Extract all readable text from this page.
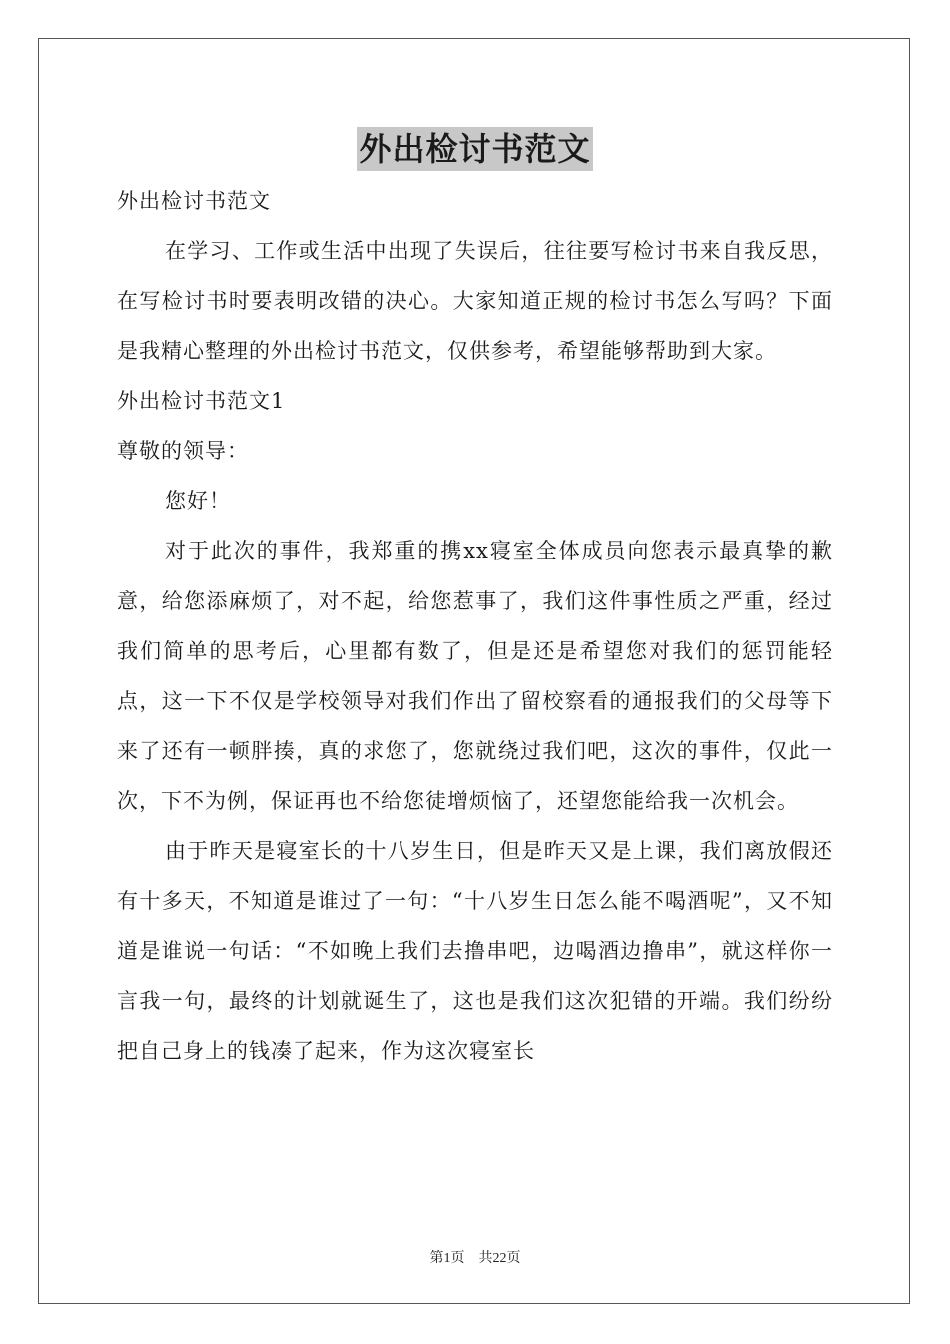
外出检讨书范文

外出检讨书范文

在学习、工作或生活中出现了失误后，往往要写检讨书来自我反思，在写检讨书时要表明改错的决心。大家知道正规的检讨书怎么写吗？下面是我精心整理的外出检讨书范文，仅供参考，希望能够帮助到大家。

外出检讨书范文1

尊敬的领导：

您好！

对于此次的事件，我郑重的携xx寝室全体成员向您表示最真挚的歉意，给您添麻烦了，对不起，给您惹事了，我们这件事性质之严重，经过我们简单的思考后，心里都有数了，但是还是希望您对我们的惩罚能轻点，这一下不仅是学校领导对我们作出了留校察看的通报我们的父母等下来了还有一顿胖揍，真的求您了，您就绕过我们吧，这次的事件，仅此一次，下不为例，保证再也不给您徒增烦恼了，还望您能给我一次机会。

由于昨天是寝室长的十八岁生日，但是昨天又是上课，我们离放假还有十多天，不知道是谁过了一句：“十八岁生日怎么能不喝酒呢”，又不知道是谁说一句话：“不如晚上我们去撸串吧，边喝酒边撸串”，就这样你一言我一句，最终的计划就诞生了，这也是我们这次犯错的开端。我们纷纷把自己身上的钱凑了起来，作为这次寝室长

第1页    共22页
